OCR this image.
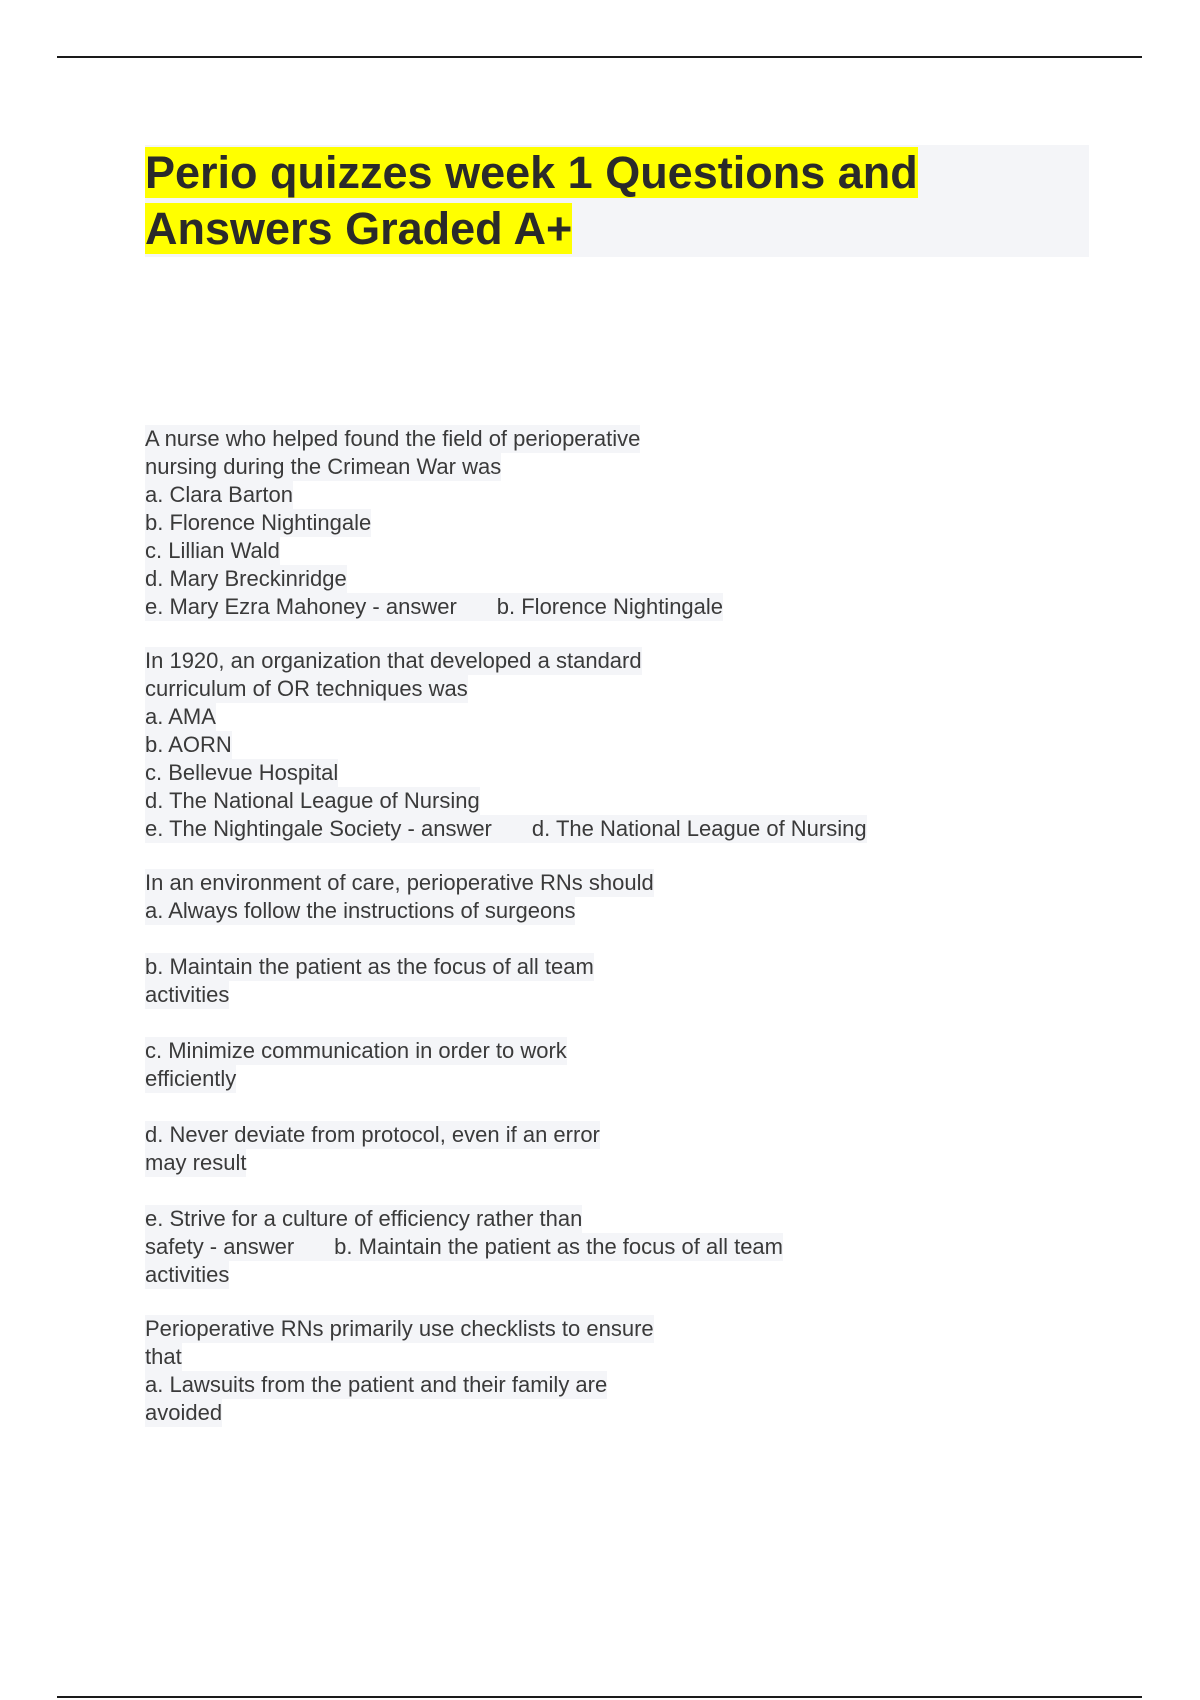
Perio quizzes week 1 Questions and
Answers Graded A+
A nurse who helped found the field of perioperative
nursing during the Crimean War was
a. Clara Barton
b. Florence Nightingale
c. Lillian Wald
d. Mary Breckinridge
e. Mary Ezra Mahoney - answer b. Florence Nightingale
In 1920, an organization that developed a standard
curriculum of OR techniques was
a. AMA
b. AORN
c. Bellevue Hospital
d. The National League of Nursing
e. The Nightingale Society - answer d. The National League of Nursing
In an environment of care, perioperative RNs should
a. Always follow the instructions of surgeons
b. Maintain the patient as the focus of all team
activities
c. Minimize communication in order to work
efficiently
d. Never deviate from protocol, even if an error
may result
e. Strive for a culture of efficiency rather than
safety - answer b. Maintain the patient as the focus of all team
activities
Perioperative RNs primarily use checklists to ensure
that
a. Lawsuits from the patient and their family are
avoided
